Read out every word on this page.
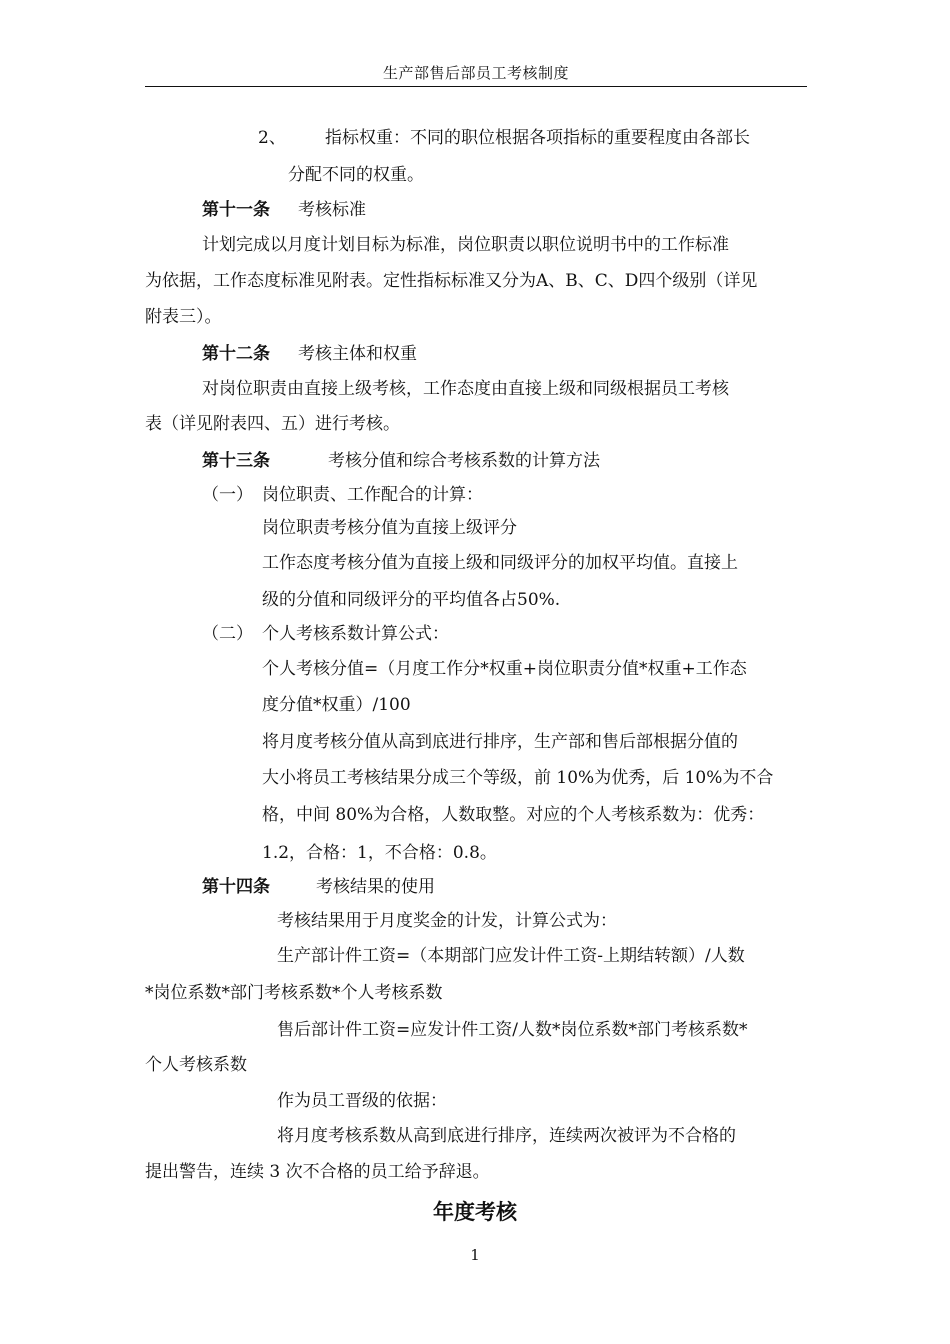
生产部售后部员工考核制度
2、 指标权重：不同的职位根据各项指标的重要程度由各部长
分配不同的权重。
第十一条 考核标准
计划完成以月度计划目标为标准，岗位职责以职位说明书中的工作标准
为依据，工作态度标准见附表。定性指标标准又分为A、B、C、D四个级别（详见
附表三）。
第十二条 考核主体和权重
对岗位职责由直接上级考核，工作态度由直接上级和同级根据员工考核
表（详见附表四、五）进行考核。
第十三条	考核分值和综合考核系数的计算方法
（一） 岗位职责、工作配合的计算：
岗位职责考核分值为直接上级评分
工作态度考核分值为直接上级和同级评分的加权平均值。直接上
级的分值和同级评分的平均值各占50%.
（二） 个人考核系数计算公式：
个人考核分值=（月度工作分*权重+岗位职责分值*权重+工作态
度分值*权重）/100
将月度考核分值从高到底进行排序，生产部和售后部根据分值的
大小将员工考核结果分成三个等级，前 10%为优秀，后 10%为不合
格，中间 80%为合格，人数取整。对应的个人考核系数为：优秀：
1.2，合格：1，不合格：0.8。
第十四条	考核结果的使用
考核结果用于月度奖金的计发，计算公式为：
生产部计件工资=（本期部门应发计件工资-上期结转额）/人数
*岗位系数*部门考核系数*个人考核系数
售后部计件工资=应发计件工资/人数*岗位系数*部门考核系数*
个人考核系数
作为员工晋级的依据：
将月度考核系数从高到底进行排序，连续两次被评为不合格的
提出警告，连续 3 次不合格的员工给予辞退。
年度考核
1
